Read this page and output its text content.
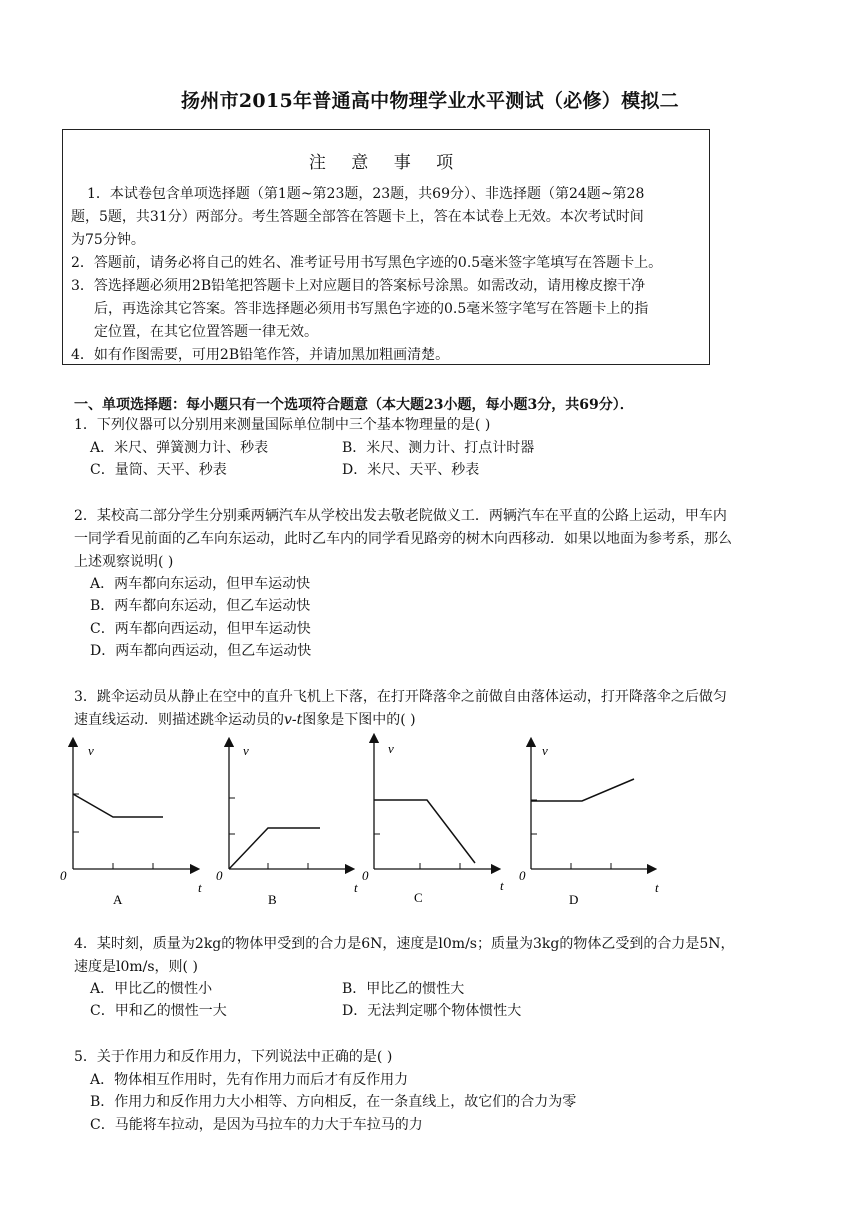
扬州市2015年普通高中物理学业水平测试（必修）模拟二
注 意 事 项
1．本试卷包含单项选择题（第1题~第23题，23题，共69分）、非选择题（第24题~第28
题，5题，共31分）两部分。考生答题全部答在答题卡上，答在本试卷上无效。本次考试时间
为75分钟。
2．答题前，请务必将自己的姓名、准考证号用书写黑色字迹的0.5毫米签字笔填写在答题卡上。
3．答选择题必须用2B铅笔把答题卡上对应题目的答案标号涂黑。如需改动，请用橡皮擦干净
后，再选涂其它答案。答非选择题必须用书写黑色字迹的0.5毫米签字笔写在答题卡上的指
定位置，在其它位置答题一律无效。
4．如有作图需要，可用2B铅笔作答，并请加黑加粗画清楚。
一、单项选择题：每小题只有一个选项符合题意（本大题23小题，每小题3分，共69分）．
1．下列仪器可以分别用来测量国际单位制中三个基本物理量的是( )
A．米尺、弹簧测力计、秒表	B．米尺、测力计、打点计时器
C．量筒、天平、秒表	D．米尺、天平、秒表
2．某校高二部分学生分别乘两辆汽车从学校出发去敬老院做义工．两辆汽车在平直的公路上运动，甲车内
一同学看见前面的乙车向东运动，此时乙车内的同学看见路旁的树木向西移动．如果以地面为参考系，那么
上述观察说明( )
A．两车都向东运动，但甲车运动快
B．两车都向东运动，但乙车运动快
C．两车都向西运动，但甲车运动快
D．两车都向西运动，但乙车运动快
3．跳伞运动员从静止在空中的直升飞机上下落，在打开降落伞之前做自由落体运动，打开降落伞之后做匀
速直线运动．则描述跳伞运动员的v-t图象是下图中的( )
v
0
t
A
v
0
t
B
v
0
t
C
v
0
t
D
4．某时刻，质量为2kg的物体甲受到的合力是6N，速度是l0m/s；质量为3kg的物体乙受到的合力是5N，
速度是l0m/s，则( )
A．甲比乙的惯性小	B．甲比乙的惯性大
C．甲和乙的惯性一大	D．无法判定哪个物体惯性大
5．关于作用力和反作用力，下列说法中正确的是( )
A．物体相互作用时，先有作用力而后才有反作用力
B．作用力和反作用力大小相等、方向相反，在一条直线上，故它们的合力为零
C．马能将车拉动，是因为马拉车的力大于车拉马的力
